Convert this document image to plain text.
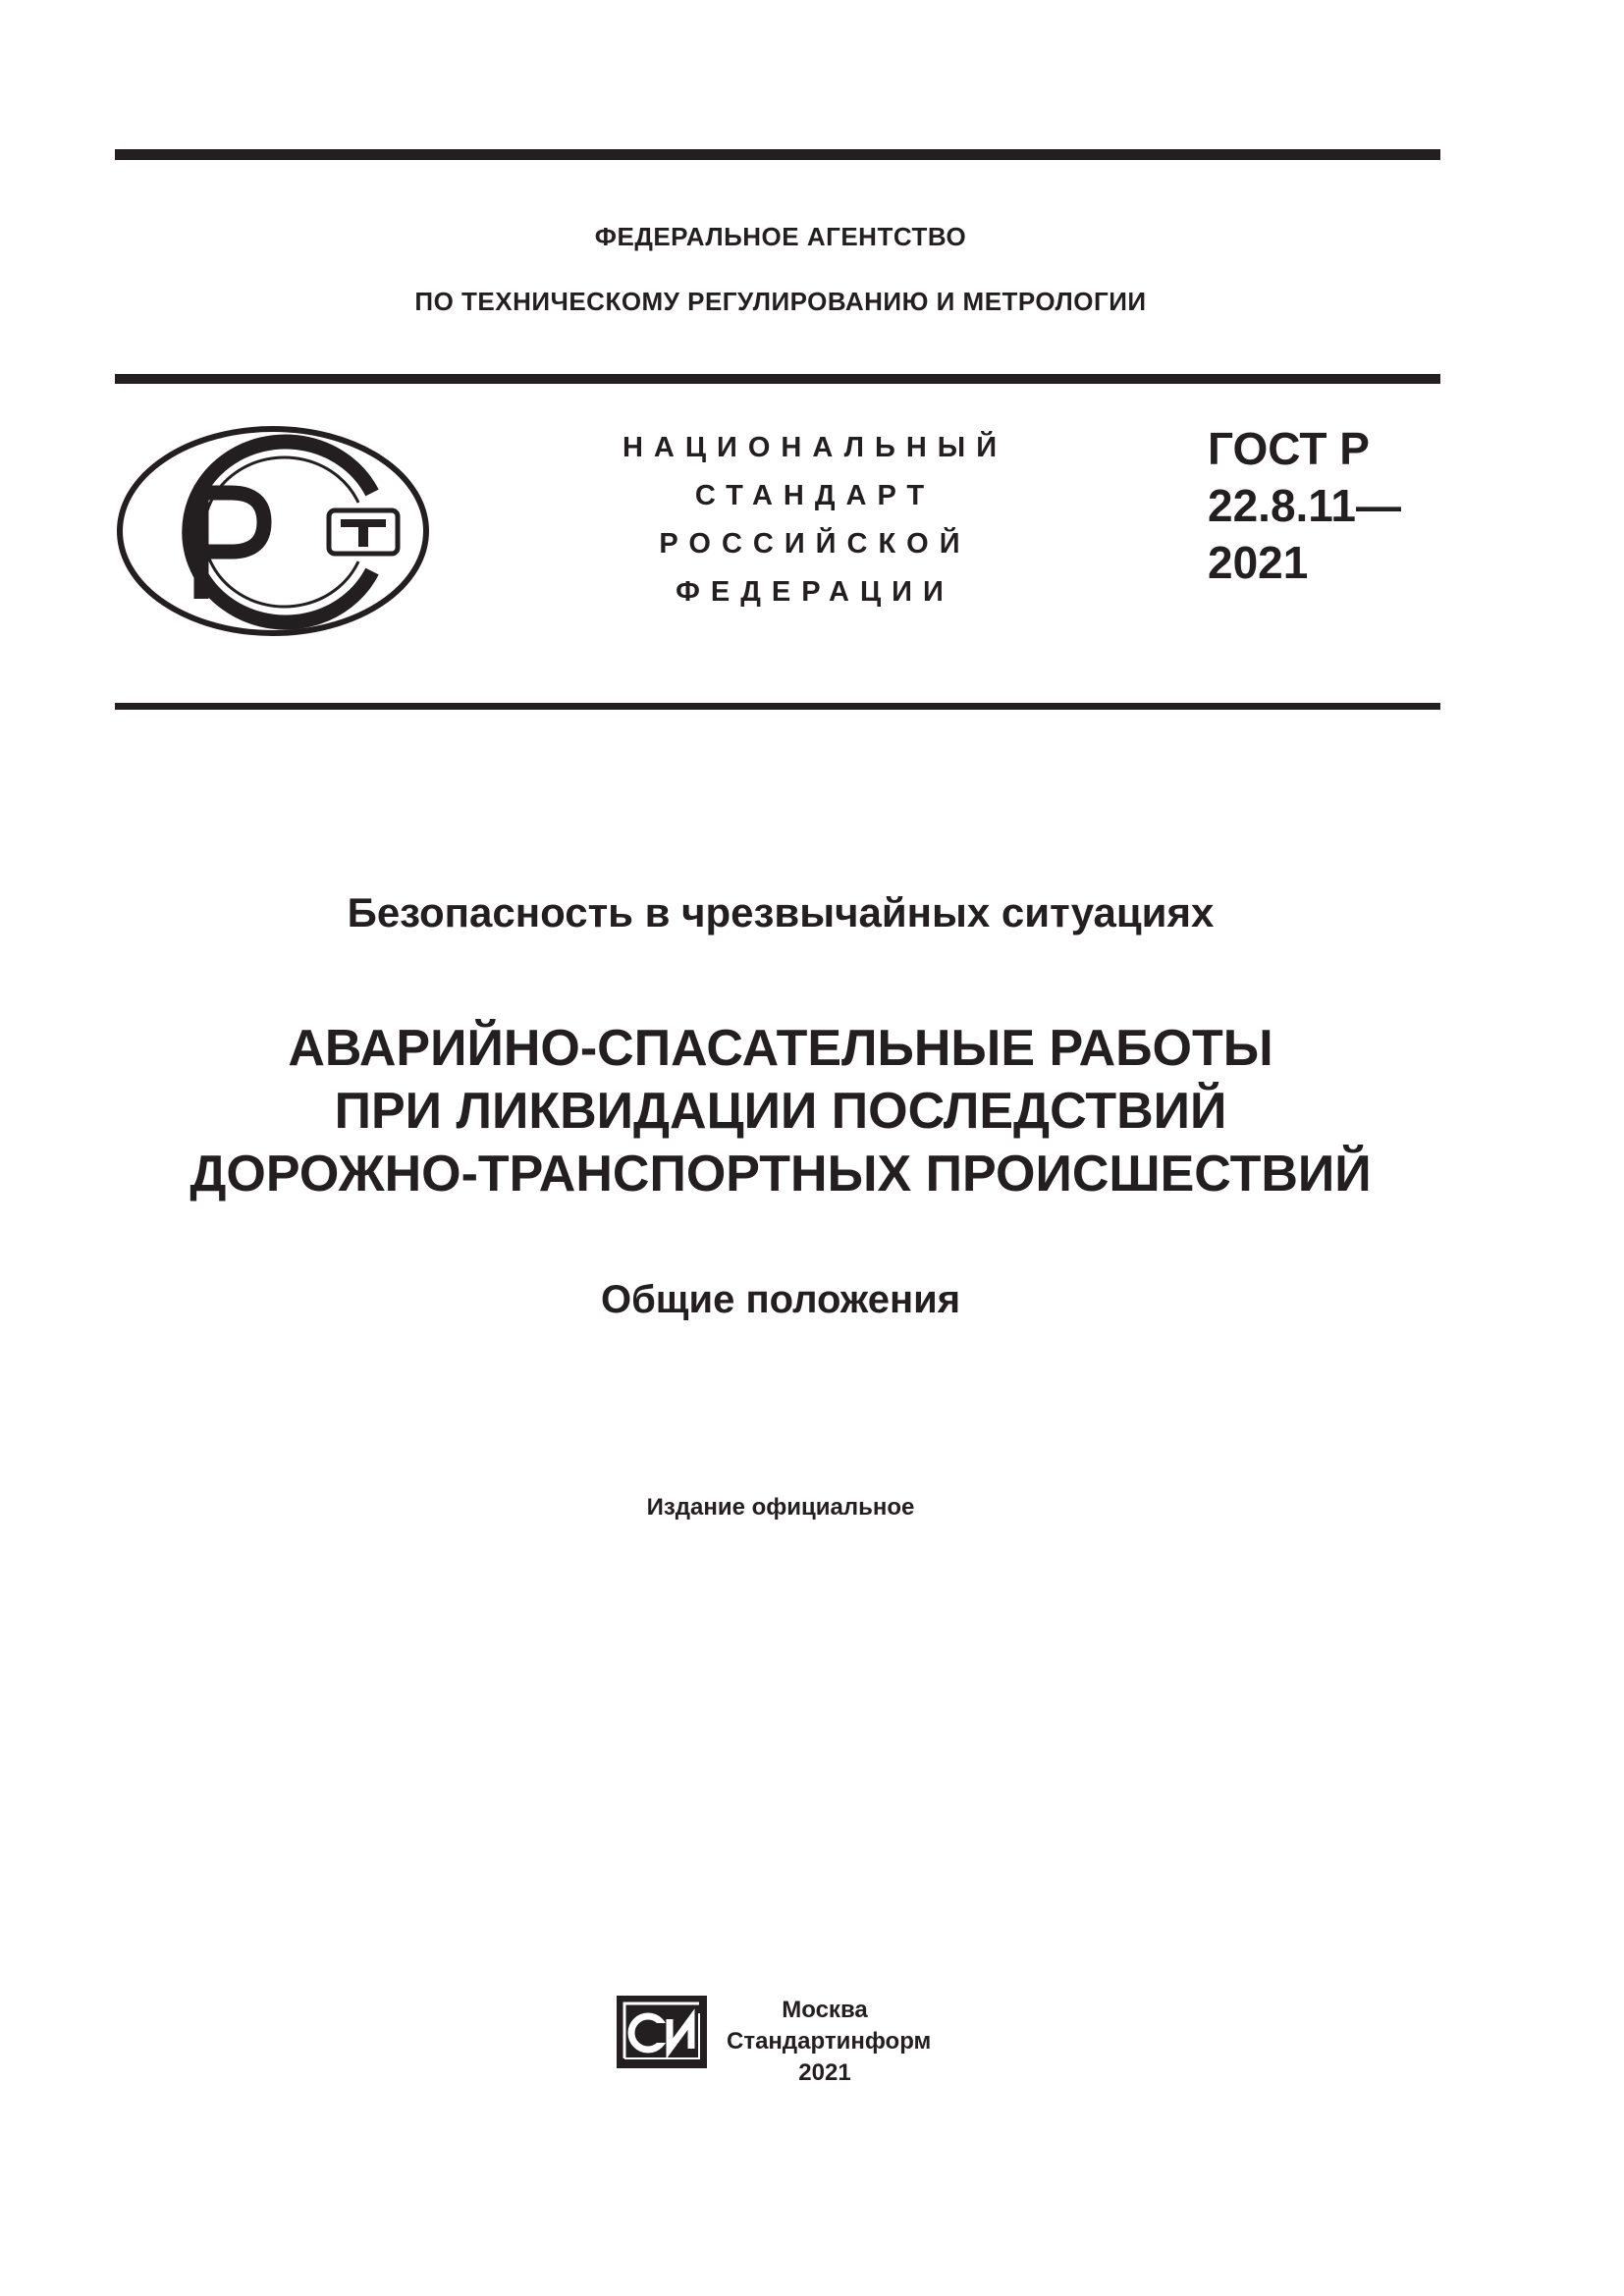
ФЕДЕРАЛЬНОЕ АГЕНТСТВО
ПО ТЕХНИЧЕСКОМУ РЕГУЛИРОВАНИЮ И МЕТРОЛОГИИ
НАЦИОНАЛЬНЫЙ
СТАНДАРТ
РОССИЙСКОЙ
ФЕДЕРАЦИИ
ГОСТ Р
22.8.11—
2021
Безопасность в чрезвычайных ситуациях
АВАРИЙНО-СПАСАТЕЛЬНЫЕ РАБОТЫ
ПРИ ЛИКВИДАЦИИ ПОСЛЕДСТВИЙ
ДОРОЖНО-ТРАНСПОРТНЫХ ПРОИСШЕСТВИЙ
Общие положения
Издание официальное
Москва
Стандартинформ
2021
